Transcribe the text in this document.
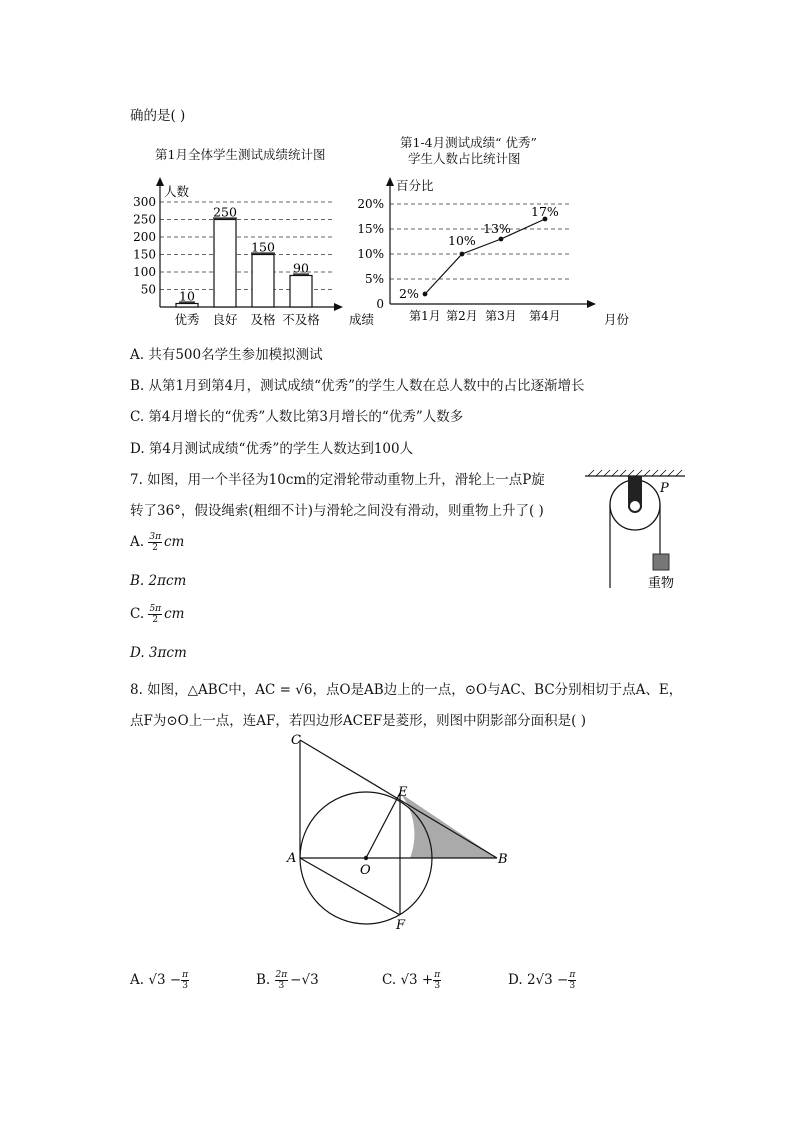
确的是( )
第1月全体学生测试成绩统计图
300
250
200
150
100
50
人数
成绩
10
优秀
250
良好
150
及格
90
不及格
第1-4月测试成绩“ 优秀”
学生人数占比统计图
20%
15%
10%
5%
0
百分比
月份
2%
第1月
10%
第2月
13%
第3月
17%
第4月
A. 共有500名学生参加模拟测试
B. 从第1月到第4月，测试成绩“优秀”的学生人数在总人数中的占比逐渐增长
C. 第4月增长的“优秀”人数比第3月增长的“优秀”人数多
D. 第4月测试成绩“优秀”的学生人数达到100人
7. 如图，用一个半径为10cm的定滑轮带动重物上升，滑轮上一点P旋
转了36°，假设绳索(粗细不计)与滑轮之间没有滑动，则重物上升了( )
A. $\frac{3\pi}{2}$ cm
B. 2πcm
C. $\frac{5\pi}{2}$ cm
D. 3πcm
P
重物
8. 如图，△ABC中，AC = √6，点O是AB边上的一点，⊙O与AC、BC分别相切于点A、E，
点F为⊙O上一点，连AF，若四边形ACEF是菱形，则图中阴影部分面积是( )
C
E
A
O
B
F
A. $√3 - \frac{\pi}{3}$	B. $\frac{2\pi}{3} -√3$	C. $√3 + \frac{\pi}{3}$	D. $2√3 - \frac{\pi}{3}$
